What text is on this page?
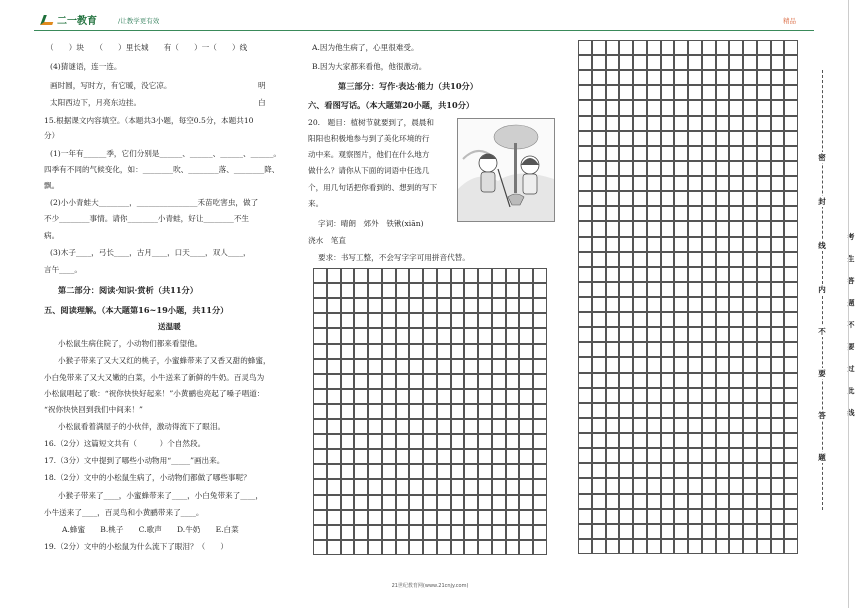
二一教育	/让教学更有效	精品
（　　）块　　（　　）里长城　　有（　　）一（　　）线
(4)猜谜语，连一连。
画时圆，写时方，有它暖，没它凉。	明
太阳西边下，月亮东边挂。	白
15.根据课文内容填空。（本题共3小题，每空0.5分，本题共10
分）
(1)一年有______季，它们分别是______、______、______、______。
四季有不同的气候变化，如：________吹、________落、________降、
飘。
(2)小小青蛙大________，________________禾苗吃害虫，做了
不少________事情。请你________小青蛙，好让________不生
病。
(3)木子____，弓长____，古月____，口天____，双人____，
言午____。
第二部分：阅读·知识·赏析（共11分）
五、阅读理解。（本大题第16~19小题，共11分）
送温暖
小松鼠生病住院了，小动物们都来看望他。
小猴子带来了又大又红的桃子，小蜜蜂带来了又香又甜的蜂蜜，
小白兔带来了又大又嫩的白菜，小牛送来了新鲜的牛奶。百灵鸟为
小松鼠唱起了歌：“祝你快快好起来！”小黄鹂也亮起了嗓子唱道：
“祝你快快回到我们中间来！”
小松鼠看着满屋子的小伙伴，激动得流下了眼泪。
16.（2分）这篇短文共有（　　　）个自然段。
17.（3分）文中提到了哪些小动物用“_____”画出来。
18.（2分）文中的小松鼠生病了，小动物们都做了哪些事呢？
小猴子带来了____，小蜜蜂带来了____，小白兔带来了____，
小牛送来了____，百灵鸟和小黄鹂带来了____。
A.蜂蜜　　B.桃子　　C.歌声　　D.牛奶　　E.白菜
19.（2分）文中的小松鼠为什么流下了眼泪？（　　）
A.因为他生病了，心里很难受。
B.因为大家都来看他，他很激动。
第三部分：写作·表达·能力（共10分）
六、看图写话。（本大题第20小题，共10分）
20.　题目：植树节就要到了，晨晨和
阳阳也积极地参与到了美化环境的行
动中来。观察图片，他们在什么地方
做什么？请你从下面的词语中任选几
个，用几句话把你看到的、想到的写下
来。
字词：晴朗　郊外　铁锹(xiān)
浇水　笔直
要求：书写工整，不会写字字可用拼音代替。
密
封
线
内
不
要
答
题
考
生
答
题
不
要
过
此
线
21世纪教育网(www.21cnjy.com)
